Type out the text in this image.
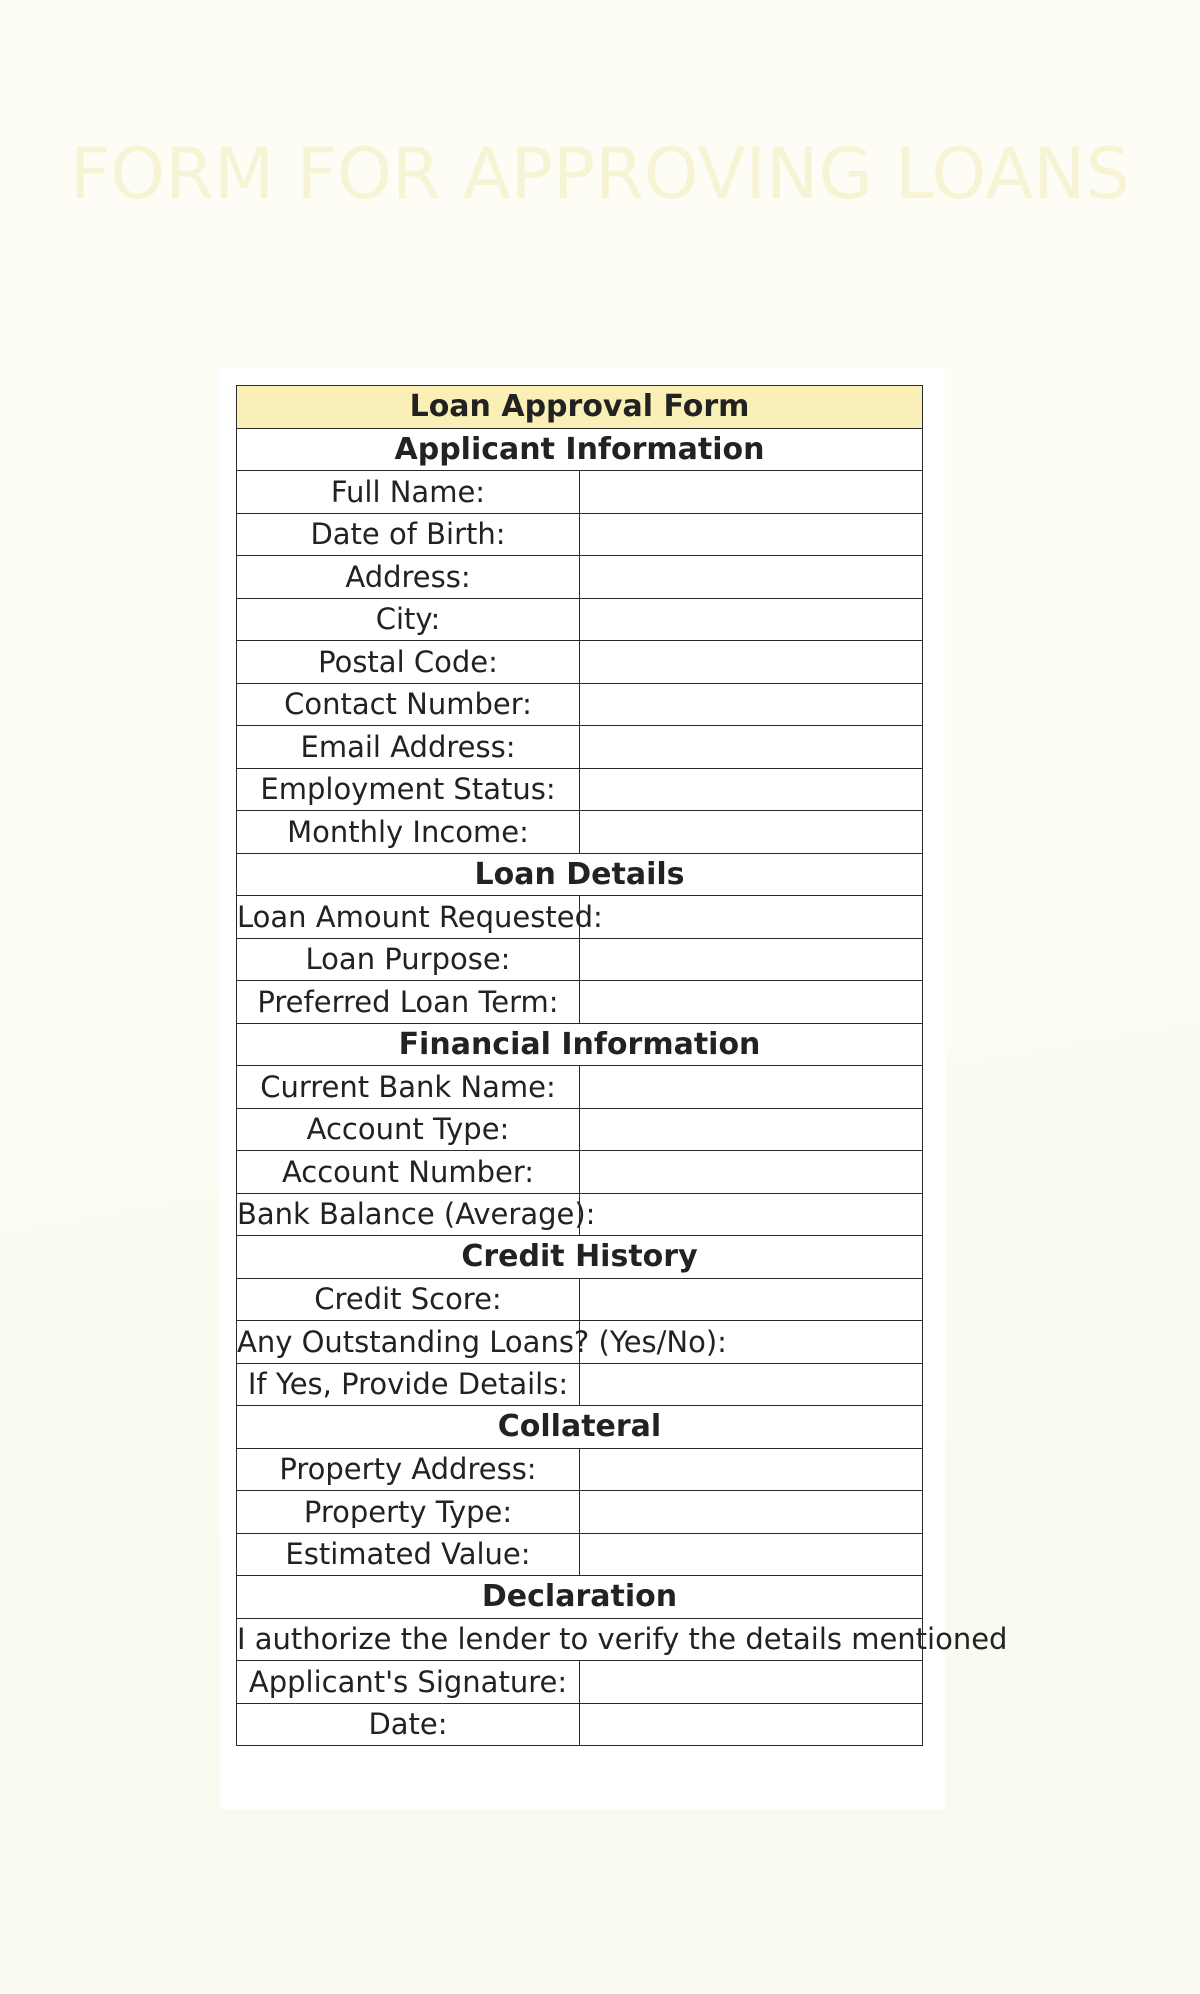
FORM FOR APPROVING LOANS
Loan Approval Form	
Applicant Information	
Full Name:	
Date of Birth:	
Address:	
City:	
Postal Code:	
Contact Number:	
Email Address:	
Employment Status:	
Monthly Income:	
Loan Details	
Loan Amount Requested:	
Loan Purpose:	
Preferred Loan Term:	
Financial Information	
Current Bank Name:	
Account Type:	
Account Number:	
Bank Balance (Average):	
Credit History	
Credit Score:	
Any Outstanding Loans? (Yes/No):	
If Yes, Provide Details:	
Collateral	
Property Address:	
Property Type:	
Estimated Value:	
Declaration	

I authorize the lender to verify the details mentioned	

Applicant's Signature:	
Date:	
